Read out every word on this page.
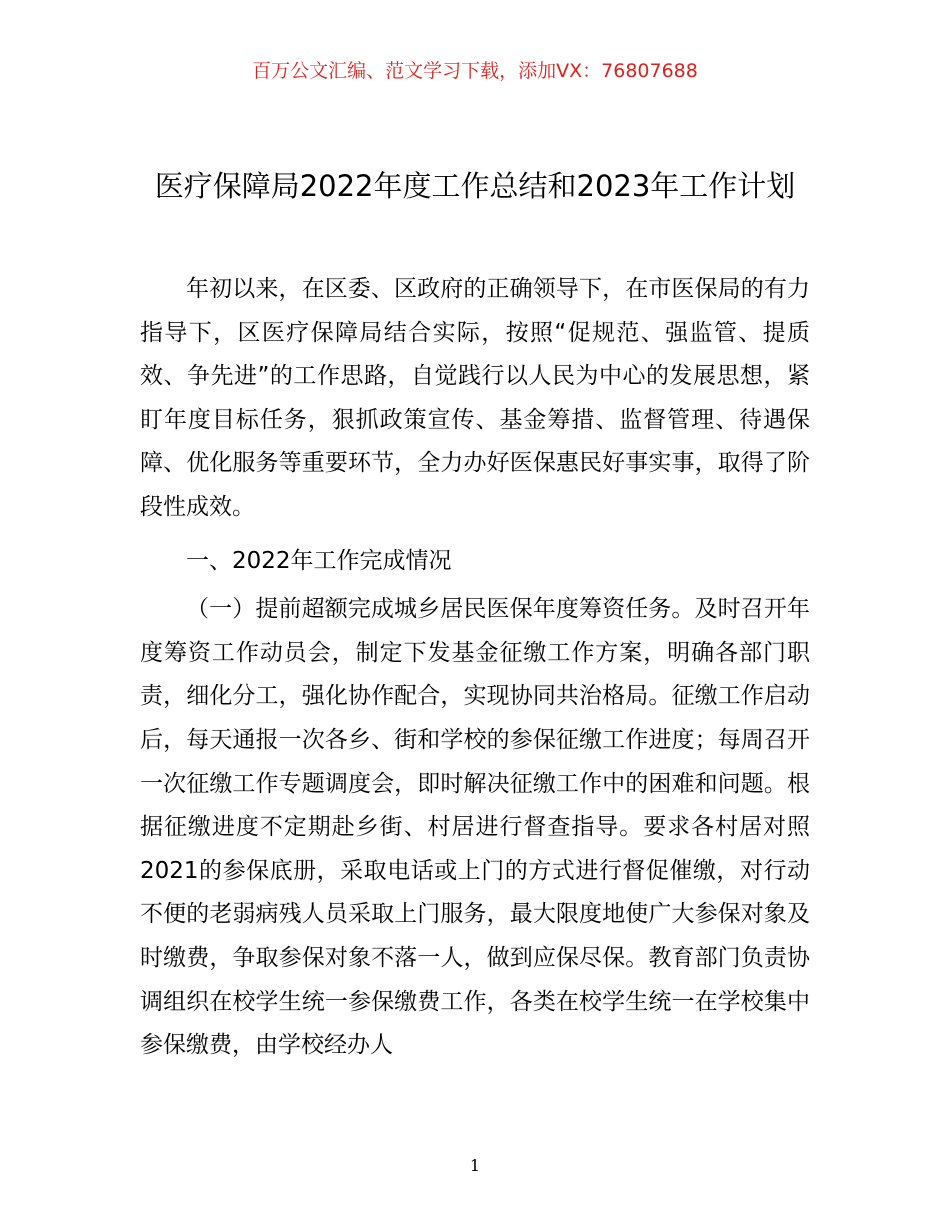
百万公文汇编、范文学习下载，添加VX：76807688
医疗保障局2022年度工作总结和2023年工作计划

年初以来，在区委、区政府的正确领导下，在市医保局的有力指导下，区医疗保障局结合实际，按照“促规范、强监管、提质效、争先进”的工作思路，自觉践行以人民为中心的发展思想，紧盯年度目标任务，狠抓政策宣传、基金筹措、监督管理、待遇保障、优化服务等重要环节，全力办好医保惠民好事实事，取得了阶段性成效。

一、2022年工作完成情况

（一）提前超额完成城乡居民医保年度筹资任务。及时召开年度筹资工作动员会，制定下发基金征缴工作方案，明确各部门职责，细化分工，强化协作配合，实现协同共治格局。征缴工作启动后，每天通报一次各乡、街和学校的参保征缴工作进度；每周召开一次征缴工作专题调度会，即时解决征缴工作中的困难和问题。根据征缴进度不定期赴乡街、村居进行督查指导。要求各村居对照2021的参保底册，采取电话或上门的方式进行督促催缴，对行动不便的老弱病残人员采取上门服务，最大限度地使广大参保对象及时缴费，争取参保对象不落一人，做到应保尽保。教育部门负责协调组织在校学生统一参保缴费工作，各类在校学生统一在学校集中参保缴费，由学校经办人

1
